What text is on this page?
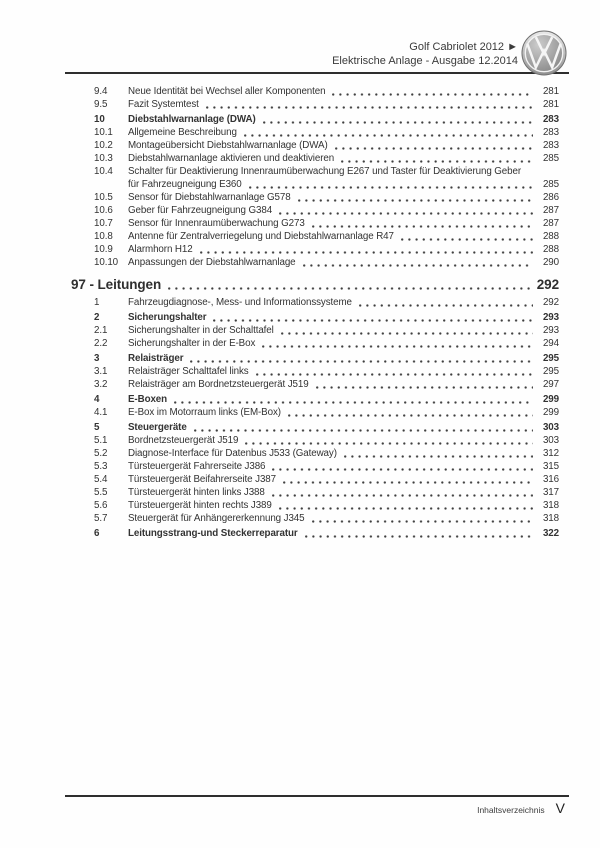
Golf Cabriolet 2012 ►
Elektrische Anlage - Ausgabe 12.2014
9.4	Neue Identität bei Wechsel aller Komponenten	281
9.5	Fazit Systemtest	281
10	Diebstahlwarnanlage (DWA)	283
10.1	Allgemeine Beschreibung	283
10.2	Montageübersicht Diebstahlwarnanlage (DWA)	283
10.3	Diebstahlwarnanlage aktivieren und deaktivieren	285
10.4	Schalter für Deaktivierung Innenraumüberwachung E267 und Taster für Deaktivierung Geber
für Fahrzeugneigung E360	285
10.5	Sensor für Diebstahlwarnanlage G578	286
10.6	Geber für Fahrzeugneigung G384	287
10.7	Sensor für Innenraumüberwachung G273	287
10.8	Antenne für Zentralverriegelung und Diebstahlwarnanlage R47	288
10.9	Alarmhorn H12	288
10.10	Anpassungen der Diebstahlwarnanlage	290
97 - Leitungen	292
1	Fahrzeugdiagnose-, Mess- und Informationssysteme	292
2	Sicherungshalter	293
2.1	Sicherungshalter in der Schalttafel	293
2.2	Sicherungshalter in der E-Box	294
3	Relaisträger	295
3.1	Relaisträger Schalttafel links	295
3.2	Relaisträger am Bordnetzsteuergerät J519	297
4	E-Boxen	299
4.1	E-Box im Motorraum links (EM-Box)	299
5	Steuergeräte	303
5.1	Bordnetzsteuergerät J519	303
5.2	Diagnose-Interface für Datenbus J533 (Gateway)	312
5.3	Türsteuergerät Fahrerseite J386	315
5.4	Türsteuergerät Beifahrerseite J387	316
5.5	Türsteuergerät hinten links J388	317
5.6	Türsteuergerät hinten rechts J389	318
5.7	Steuergerät für Anhängererkennung J345	318
6	Leitungsstrang-und Steckerreparatur	322
Inhaltsverzeichnis V
